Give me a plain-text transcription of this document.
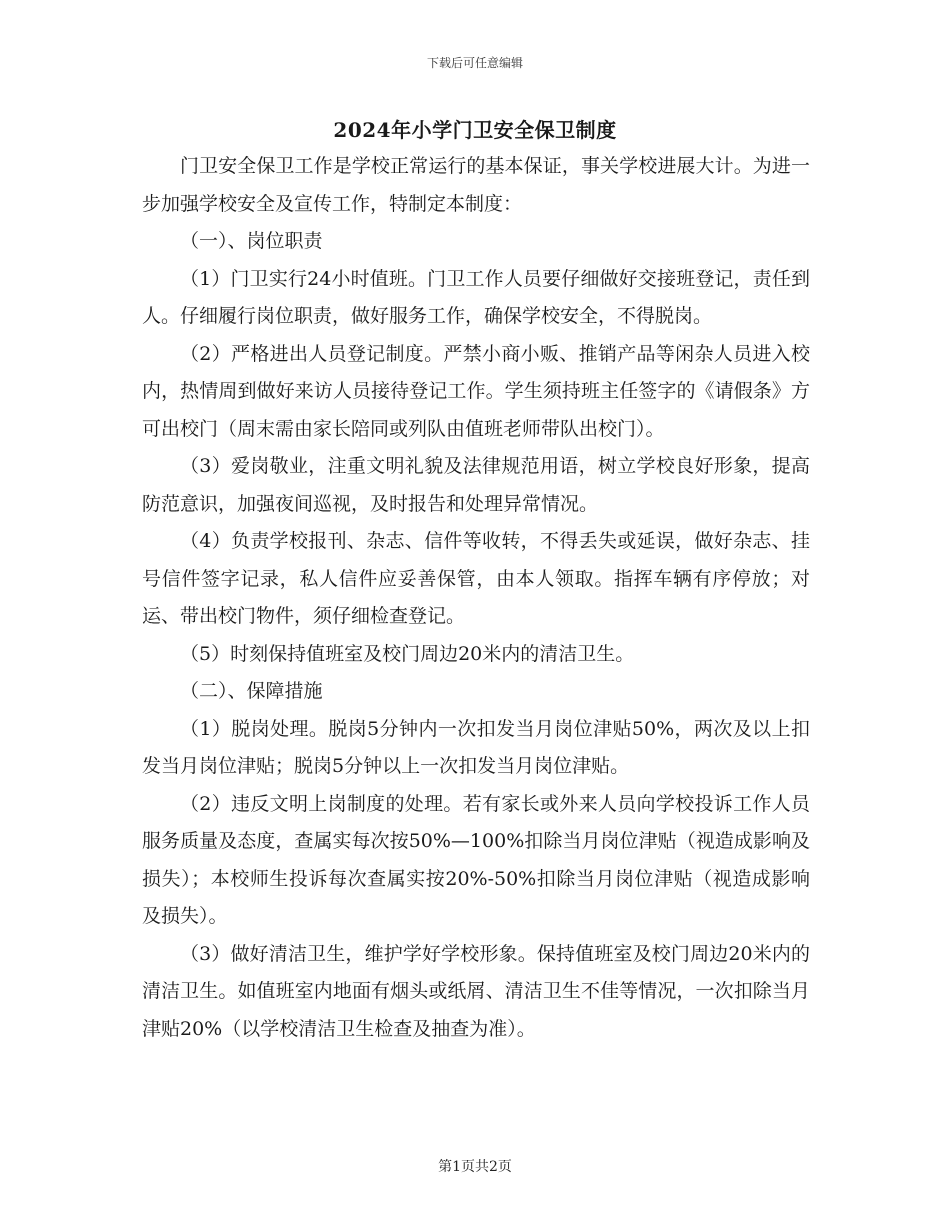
下载后可任意编辑
2024年小学门卫安全保卫制度

门卫安全保卫工作是学校正常运行的基本保证，事关学校进展大计。为进一步加强学校安全及宣传工作，特制定本制度：

（一）、岗位职责

（1）门卫实行24小时值班。门卫工作人员要仔细做好交接班登记，责任到人。仔细履行岗位职责，做好服务工作，确保学校安全，不得脱岗。

（2）严格进出人员登记制度。严禁小商小贩、推销产品等闲杂人员进入校内，热情周到做好来访人员接待登记工作。学生须持班主任签字的《请假条》方可出校门（周末需由家长陪同或列队由值班老师带队出校门）。

（3）爱岗敬业，注重文明礼貌及法律规范用语，树立学校良好形象，提高防范意识，加强夜间巡视，及时报告和处理异常情况。

（4）负责学校报刊、杂志、信件等收转，不得丢失或延误，做好杂志、挂号信件签字记录，私人信件应妥善保管，由本人领取。指挥车辆有序停放；对运、带出校门物件，须仔细检查登记。

（5）时刻保持值班室及校门周边20米内的清洁卫生。

（二）、保障措施

（1）脱岗处理。脱岗5分钟内一次扣发当月岗位津贴50%，两次及以上扣发当月岗位津贴；脱岗5分钟以上一次扣发当月岗位津贴。

（2）违反文明上岗制度的处理。若有家长或外来人员向学校投诉工作人员服务质量及态度，查属实每次按50%—100%扣除当月岗位津贴（视造成影响及损失）；本校师生投诉每次查属实按20%-50%扣除当月岗位津贴（视造成影响及损失）。

（3）做好清洁卫生，维护学好学校形象。保持值班室及校门周边20米内的清洁卫生。如值班室内地面有烟头或纸屑、清洁卫生不佳等情况，一次扣除当月津贴20%（以学校清洁卫生检查及抽查为准）。

第1页共2页
